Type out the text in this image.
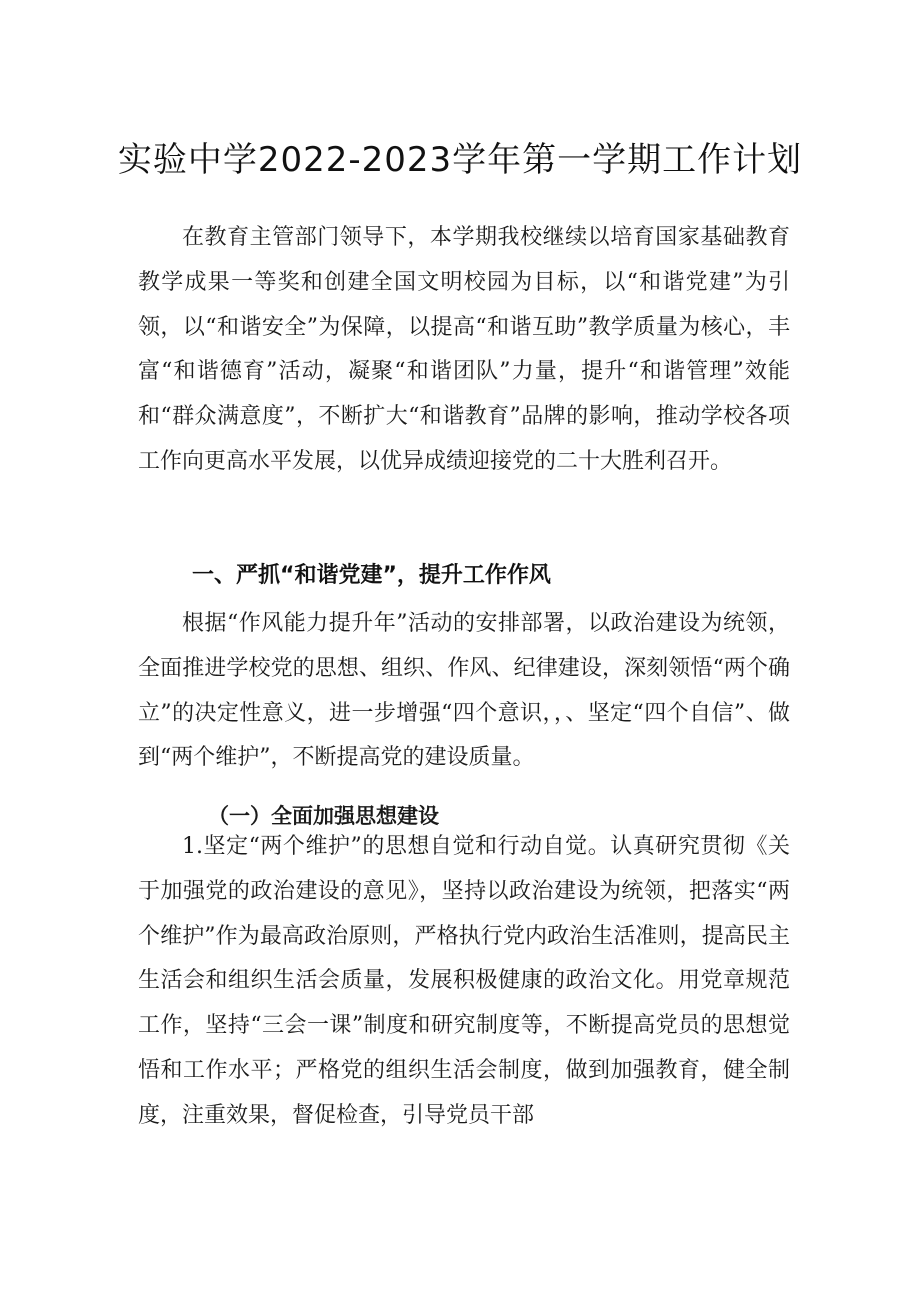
实验中学2022-2023学年第一学期工作计划

在教育主管部门领导下，本学期我校继续以培育国家基础教育教学成果一等奖和创建全国文明校园为目标，以“和谐党建”为引领，以“和谐安全”为保障，以提高“和谐互助”教学质量为核心，丰富“和谐德育”活动，凝聚“和谐团队”力量，提升“和谐管理”效能和“群众满意度”，不断扩大“和谐教育”品牌的影响，推动学校各项工作向更高水平发展，以优异成绩迎接党的二十大胜利召开。

一、严抓“和谐党建”，提升工作作风

根据“作风能力提升年”活动的安排部署，以政治建设为统领，全面推进学校党的思想、组织、作风、纪律建设，深刻领悟“两个确立”的决定性意义，进一步增强“四个意识，，、坚定“四个自信”、做到“两个维护”，不断提高党的建设质量。

（一）全面加强思想建设

1.坚定“两个维护”的思想自觉和行动自觉。认真研究贯彻《关于加强党的政治建设的意见》，坚持以政治建设为统领，把落实“两个维护”作为最高政治原则，严格执行党内政治生活准则，提高民主生活会和组织生活会质量，发展积极健康的政治文化。用党章规范工作，坚持“三会一课”制度和研究制度等，不断提高党员的思想觉悟和工作水平；严格党的组织生活会制度，做到加强教育，健全制度，注重效果，督促检查，引导党员干部
